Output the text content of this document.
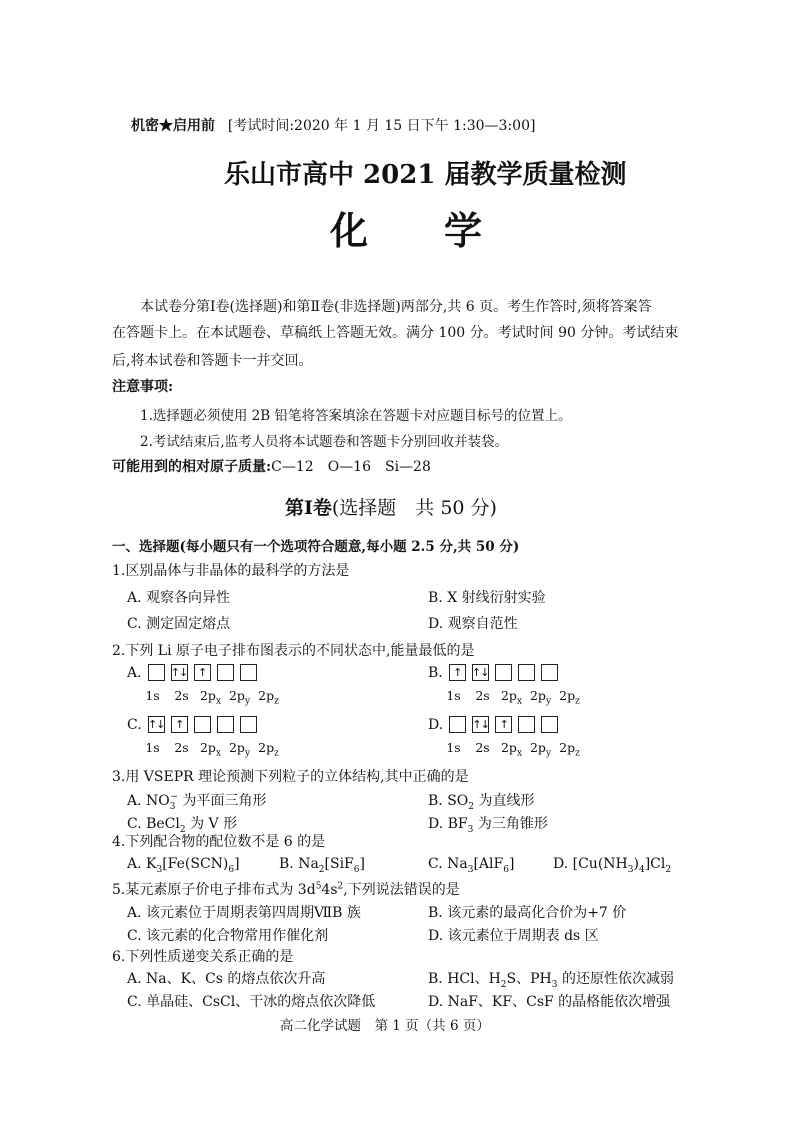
机密★启用前 [考试时间:2020 年 1 月 15 日下午 1:30—3:00]
乐山市高中 2021 届教学质量检测
化　　学
本试卷分第Ⅰ卷(选择题)和第Ⅱ卷(非选择题)两部分,共 6 页。考生作答时,须将答案答
在答题卡上。在本试题卷、草稿纸上答题无效。满分 100 分。考试时间 90 分钟。考试结束
后,将本试卷和答题卡一并交回。
注意事项:
1.选择题必须使用 2B 铅笔将答案填涂在答题卡对应题目标号的位置上。
2.考试结束后,监考人员将本试题卷和答题卡分别回收并装袋。
可能用到的相对原子质量:C—12　O—16　Si—28
第Ⅰ卷(选择题　共 50 分)
一、选择题(每小题只有一个选项符合题意,每小题 2.5 分,共 50 分)
1.区别晶体与非晶体的最科学的方法是
A. 观察各向异性	B. X 射线衍射实验
C. 测定固定熔点	D. 观察自范性
2.下列 Li 原子电子排布图表示的不同状态中,能量最低的是
A.	↑↓ ↑
1s	2s $2p_x$ $2p_y$ $2p_z$
B. ↑ ↑↓
1s	2s $2p_x$ $2p_y$ $2p_z$
C. ↑↓ ↑
1s	2s $2p_x$ $2p_y$ $2p_z$
D.	↑↓ ↑
1s	2s $2p_x$ $2p_y$ $2p_z$
3.用 VSEPR 理论预测下列粒子的立体结构,其中正确的是
A. $NO_3^-$ 为平面三角形	B. $SO_2$ 为直线形
C. BeCl$_2$ 为 V 形	D. $BF_3$ 为三角锥形
4.下列配合物的配位数不是 6 的是
A. $K_3[Fe(SCN)_6]$	B. $Na_2[SiF_6]$	C. $Na_3[AlF_6]$	D. $[Cu(NH_3)_4]Cl_2$
5.某元素原子价电子排布式为 $3d^54s^2$,下列说法错误的是
A. 该元素位于周期表第四周期ⅦB 族	B. 该元素的最高化合价为+7 价
C. 该元素的化合物常用作催化剂	D. 该元素位于周期表 ds 区
6.下列性质递变关系正确的是
A. Na、K、Cs 的熔点依次升高	B. HCl、$H_2S$、$PH_3$ 的还原性依次减弱
C. 单晶硅、CsCl、干冰的熔点依次降低	D. NaF、KF、CsF 的晶格能依次增强
高二化学试题　第 1 页（共 6 页）
